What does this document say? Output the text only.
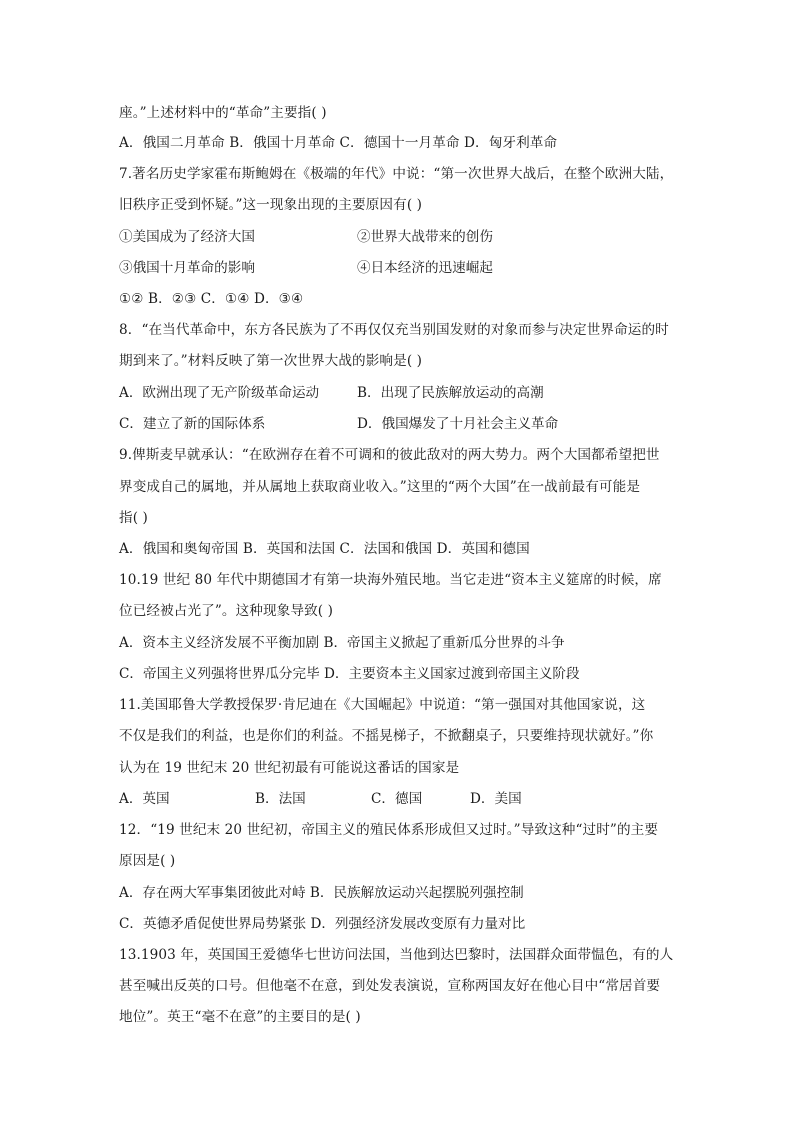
座。”上述材料中的“革命”主要指( )
A．俄国二月革命 B．俄国十月革命 C．德国十一月革命 D．匈牙利革命
7.著名历史学家霍布斯鲍姆在《极端的年代》中说：“第一次世界大战后，在整个欧洲大陆，
旧秩序正受到怀疑。”这一现象出现的主要原因有( )
①美国成为了经济大国	②世界大战带来的创伤
③俄国十月革命的影响	④日本经济的迅速崛起
①② B．②③ C．①④ D．③④
8．“在当代革命中，东方各民族为了不再仅仅充当别国发财的对象而参与决定世界命运的时
期到来了。”材料反映了第一次世界大战的影响是( )
A．欧洲出现了无产阶级革命运动	B．出现了民族解放运动的高潮
C．建立了新的国际体系	D．俄国爆发了十月社会主义革命
9.俾斯麦早就承认：“在欧洲存在着不可调和的彼此敌对的两大势力。两个大国都希望把世
界变成自己的属地，并从属地上获取商业收入。”这里的“两个大国”在一战前最有可能是
指( )
A．俄国和奥匈帝国 B．英国和法国 C．法国和俄国 D．英国和德国
10.19 世纪 80 年代中期德国才有第一块海外殖民地。当它走进“资本主义筵席的时候，席
位已经被占光了”。这种现象导致( )
A．资本主义经济发展不平衡加剧 B．帝国主义掀起了重新瓜分世界的斗争
C．帝国主义列强将世界瓜分完毕 D．主要资本主义国家过渡到帝国主义阶段
11.美国耶鲁大学教授保罗·肯尼迪在《大国崛起》中说道：“第一强国对其他国家说，这
不仅是我们的利益，也是你们的利益。不摇晃梯子，不掀翻桌子，只要维持现状就好。”你
认为在 19 世纪末 20 世纪初最有可能说这番话的国家是
A．英国	B．法国	C．德国	D．美国
12．“19 世纪末 20 世纪初，帝国主义的殖民体系形成但又过时。”导致这种“过时”的主要
原因是( )
A．存在两大军事集团彼此对峙 B．民族解放运动兴起摆脱列强控制
C．英德矛盾促使世界局势紧张 D．列强经济发展改变原有力量对比
13.1903 年，英国国王爱德华七世访问法国，当他到达巴黎时，法国群众面带愠色，有的人
甚至喊出反英的口号。但他毫不在意，到处发表演说，宣称两国友好在他心目中“常居首要
地位”。英王“毫不在意”的主要目的是( )
